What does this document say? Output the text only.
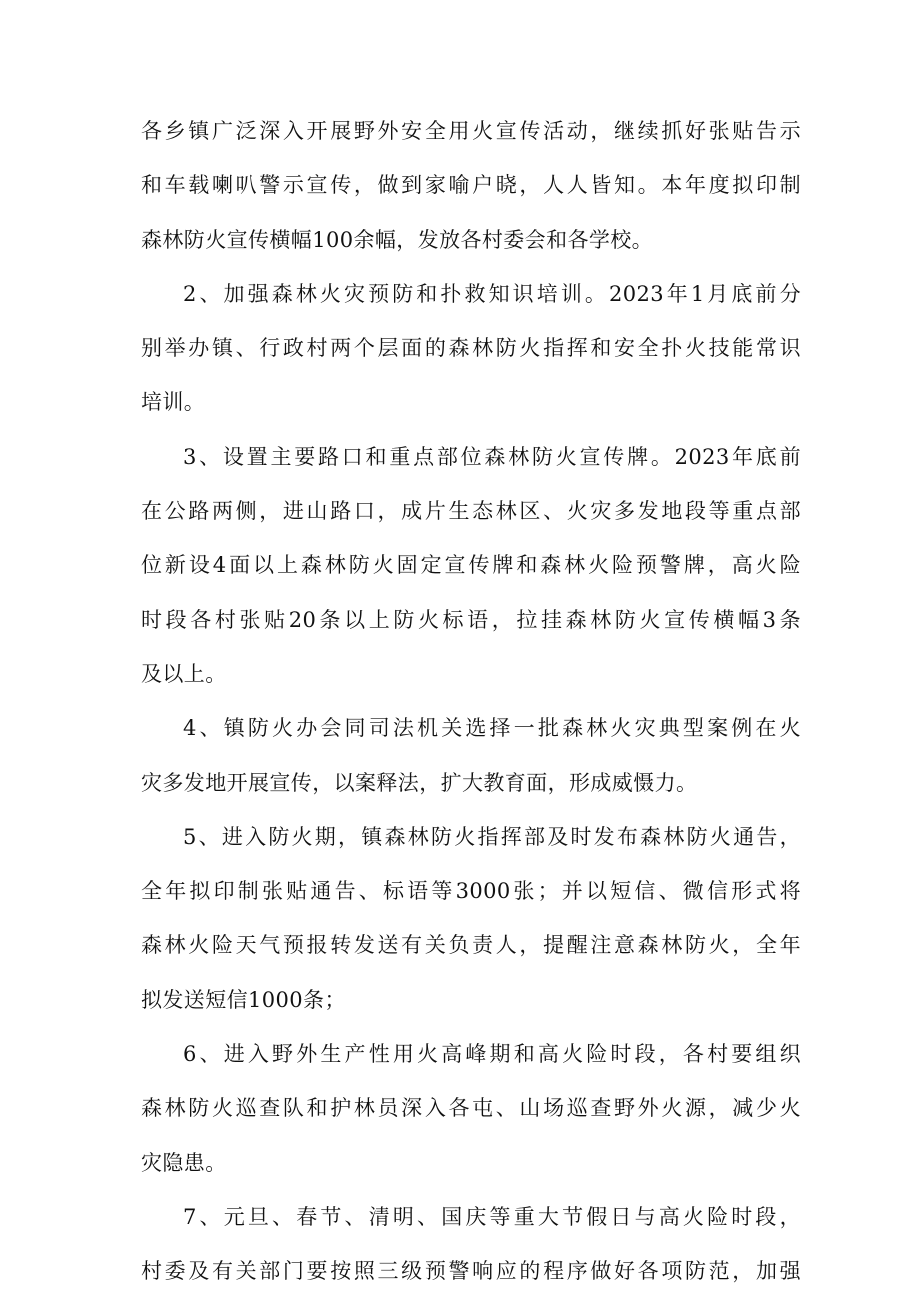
各乡镇广泛深入开展野外安全用火宣传活动，继续抓好张贴告示
和车载喇叭警示宣传，做到家喻户晓，人人皆知。本年度拟印制
森林防火宣传横幅100余幅，发放各村委会和各学校。
2、加强森林火灾预防和扑救知识培训。2023年1月底前分
别举办镇、行政村两个层面的森林防火指挥和安全扑火技能常识
培训。
3、设置主要路口和重点部位森林防火宣传牌。2023年底前
在公路两侧，进山路口，成片生态林区、火灾多发地段等重点部
位新设4面以上森林防火固定宣传牌和森林火险预警牌，高火险
时段各村张贴20条以上防火标语，拉挂森林防火宣传横幅3条
及以上。
4、镇防火办会同司法机关选择一批森林火灾典型案例在火
灾多发地开展宣传，以案释法，扩大教育面，形成威慑力。
5、进入防火期，镇森林防火指挥部及时发布森林防火通告，
全年拟印制张贴通告、标语等3000张；并以短信、微信形式将
森林火险天气预报转发送有关负责人，提醒注意森林防火，全年
拟发送短信1000条；
6、进入野外生产性用火高峰期和高火险时段，各村要组织
森林防火巡查队和护林员深入各屯、山场巡查野外火源，减少火
灾隐患。
7、元旦、春节、清明、国庆等重大节假日与高火险时段，
村委及有关部门要按照三级预警响应的程序做好各项防范，加强
